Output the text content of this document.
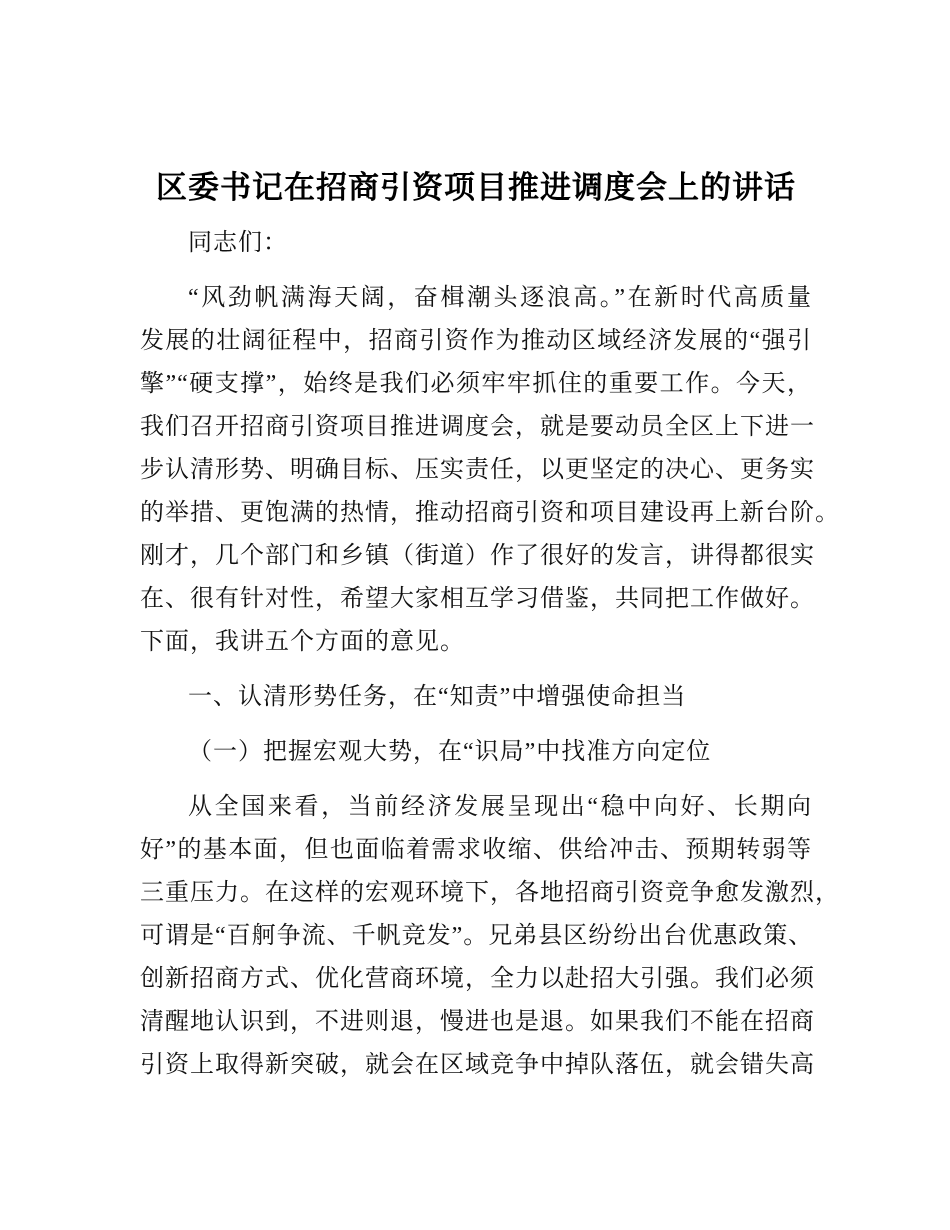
区委书记在招商引资项目推进调度会上的讲话
同志们：
“风劲帆满海天阔，奋楫潮头逐浪高。”在新时代高质量
发展的壮阔征程中，招商引资作为推动区域经济发展的“强引
擎”“硬支撑”，始终是我们必须牢牢抓住的重要工作。今天，
我们召开招商引资项目推进调度会，就是要动员全区上下进一
步认清形势、明确目标、压实责任，以更坚定的决心、更务实
的举措、更饱满的热情，推动招商引资和项目建设再上新台阶。
刚才，几个部门和乡镇（街道）作了很好的发言，讲得都很实
在、很有针对性，希望大家相互学习借鉴，共同把工作做好。
下面，我讲五个方面的意见。
一、认清形势任务，在“知责”中增强使命担当
（一）把握宏观大势，在“识局”中找准方向定位
从全国来看，当前经济发展呈现出“稳中向好、长期向
好”的基本面，但也面临着需求收缩、供给冲击、预期转弱等
三重压力。在这样的宏观环境下，各地招商引资竞争愈发激烈，
可谓是“百舸争流、千帆竞发”。兄弟县区纷纷出台优惠政策、
创新招商方式、优化营商环境，全力以赴招大引强。我们必须
清醒地认识到，不进则退，慢进也是退。如果我们不能在招商
引资上取得新突破，就会在区域竞争中掉队落伍，就会错失高
